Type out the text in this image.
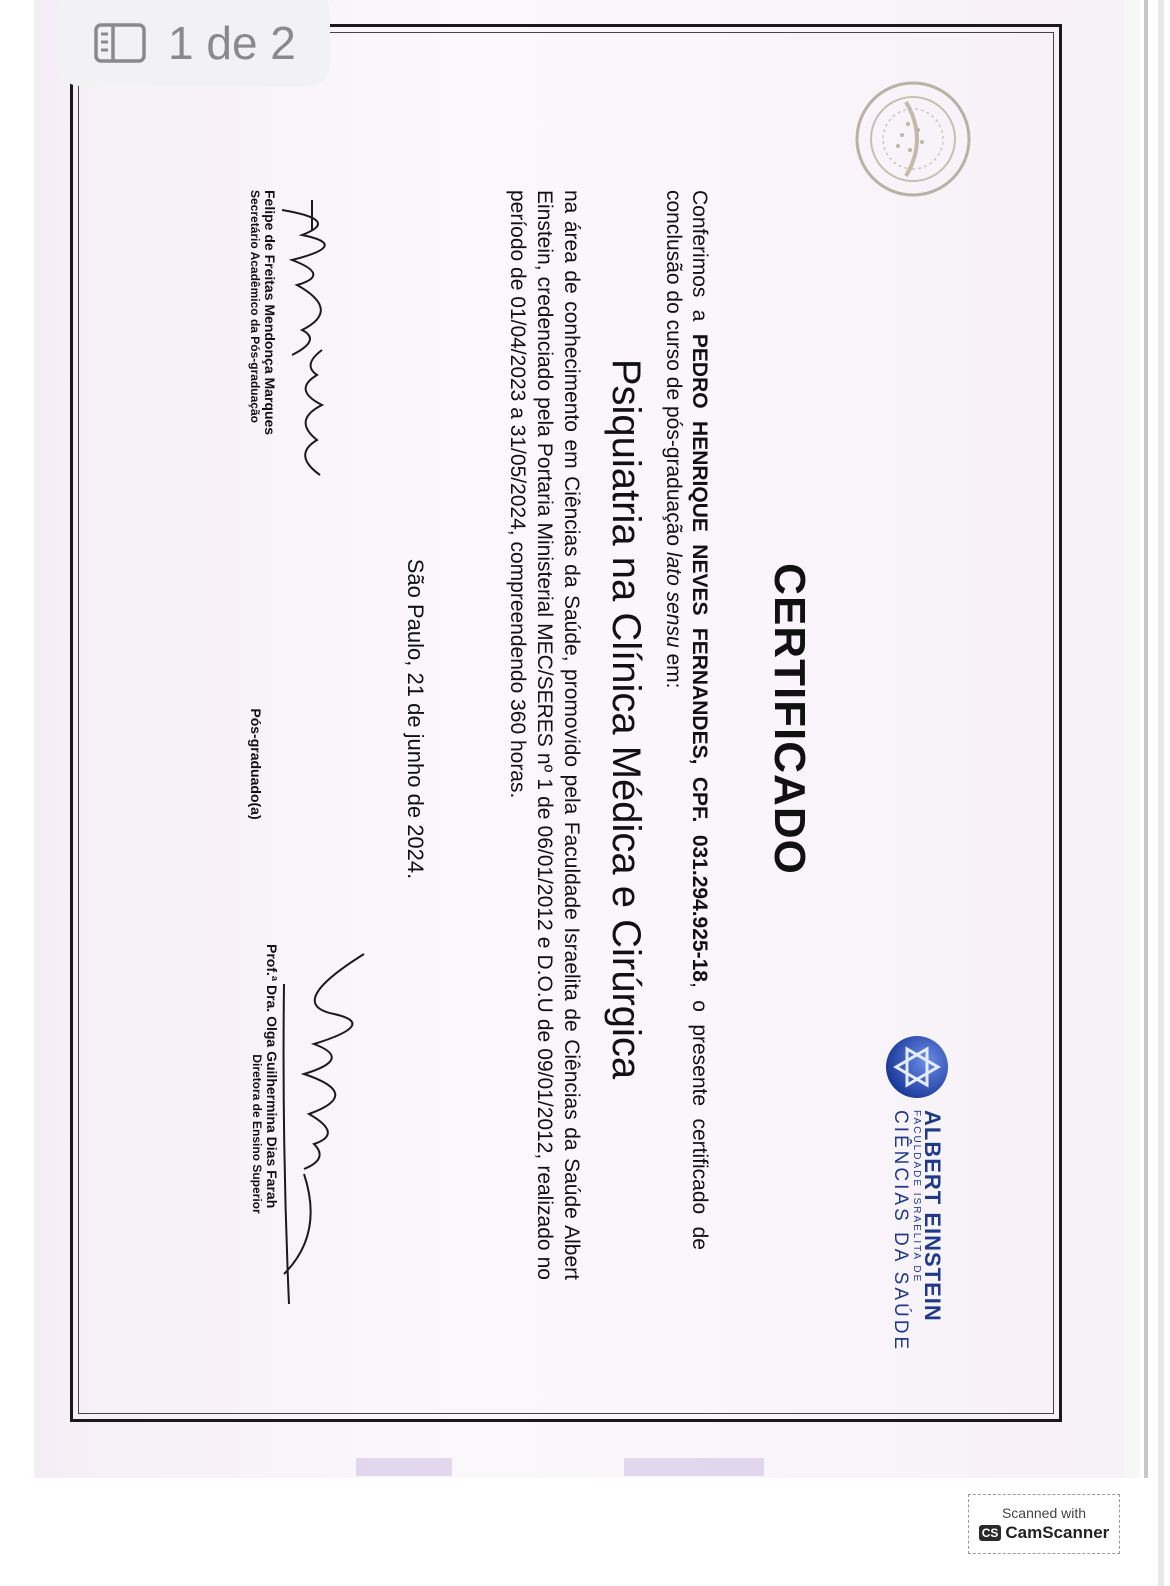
ALBERT EINSTEIN
FACULDADE ISRAELITA DE
CIÊNCIAS DA SAÚDE
CERTIFICADO
Conferimos a PEDRO HENRIQUE NEVES FERNANDES, CPF. 031.294.925-18, o presente certificado de conclusão do curso de pós-graduação lato sensu em:
Psiquiatria na Clínica Médica e Cirúrgica
na área de conhecimento em Ciências da Saúde, promovido pela Faculdade Israelita de Ciências da Saúde Albert Einstein, credenciado pela Portaria Ministerial MEC/SERES nº 1 de 06/01/2012 e D.O.U de 09/01/2012, realizado no período de 01/04/2023 a 31/05/2024, compreendendo 360 horas.
São Paulo, 21 de junho de 2024.
Felipe de Freitas Mendonça Marques
Secretário Acadêmico da Pós-graduação
Pós-graduado(a)
Prof.ª Dra. Olga Guilhermina Dias Farah
Diretora de Ensino Superior
1 de 2
Scanned with
CS CamScanner
